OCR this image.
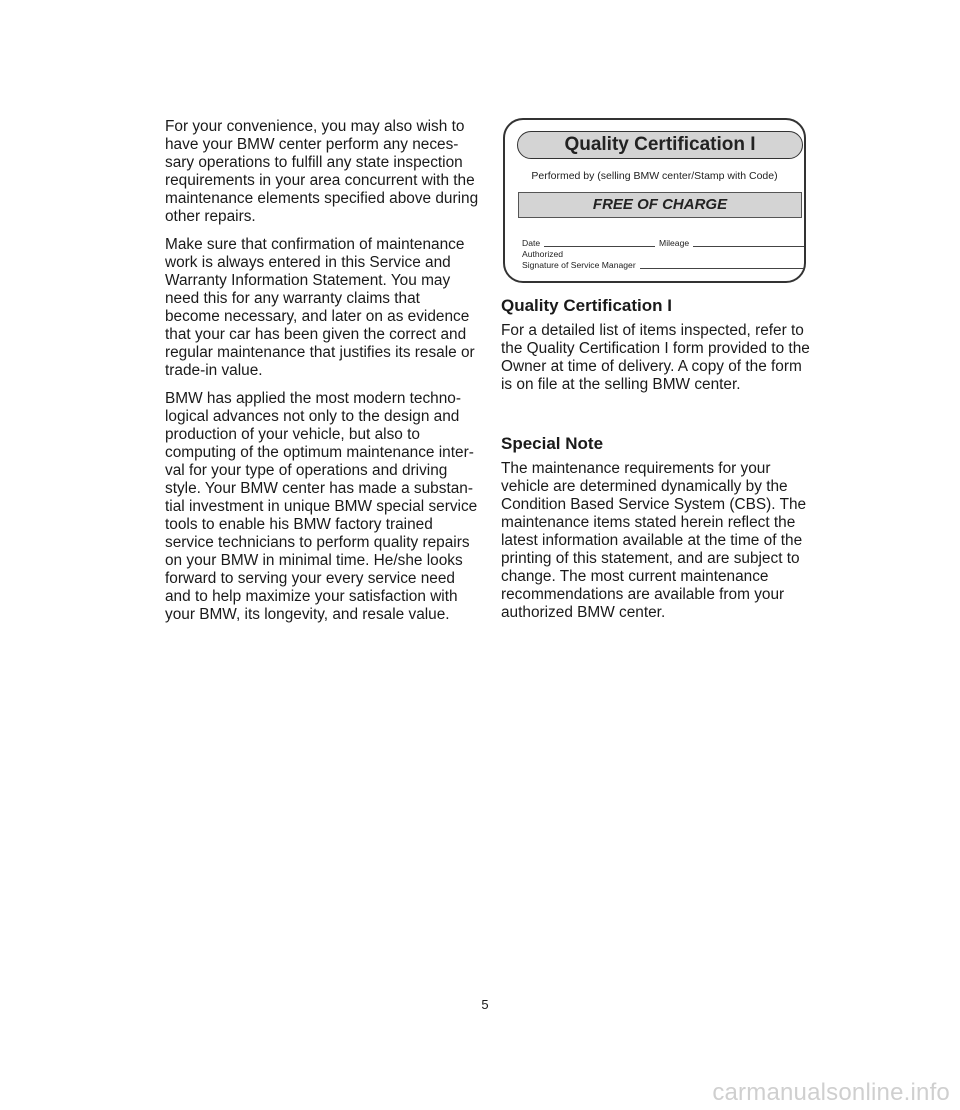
For your convenience, you may also wish to
have your BMW center perform any neces-
sary operations to fulfill any state inspection
requirements in your area concurrent with the
maintenance elements specified above during
other repairs.

Make sure that confirmation of maintenance
work is always entered in this Service and
Warranty Information Statement. You may
need this for any warranty claims that
become necessary, and later on as evidence
that your car has been given the correct and
regular maintenance that justifies its resale or
trade-in value.

BMW has applied the most modern techno-
logical advances not only to the design and
production of your vehicle, but also to
computing of the optimum maintenance inter-
val for your type of operations and driving
style. Your BMW center has made a substan-
tial investment in unique BMW special service
tools to enable his BMW factory trained
service technicians to perform quality repairs
on your BMW in minimal time. He/she looks
forward to serving your every service need
and to help maximize your satisfaction with
your BMW, its longevity, and resale value.

Quality Certification I
Performed by (selling BMW center/Stamp with Code)
FREE OF CHARGE
Date	Mileage
Authorized
Signature of Service Manager
Quality Certification I

For a detailed list of items inspected, refer to
the Quality Certification I form provided to the
Owner at time of delivery. A copy of the form
is on file at the selling BMW center.

Special Note

The maintenance requirements for your
vehicle are determined dynamically by the
Condition Based Service System (CBS). The
maintenance items stated herein reflect the
latest information available at the time of the
printing of this statement, and are subject to
change. The most current maintenance
recommendations are available from your
authorized BMW center.

5
carmanualsonline.info
